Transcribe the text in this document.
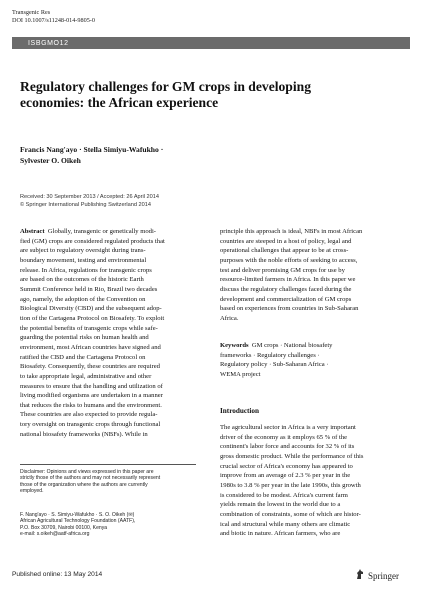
Transgenic Res
DOI 10.1007/s11248-014-9805-0
ISBGMO12
Regulatory challenges for GM crops in developing
economies: the African experience
Francis Nang'ayo · Stella Simiyu-Wafukho ·
Sylvester O. Oikeh
Received: 30 September 2013 / Accepted: 26 April 2014
© Springer International Publishing Switzerland 2014
Abstract Globally, transgenic or genetically modi-
fied (GM) crops are considered regulated products that
are subject to regulatory oversight during trans-
boundary movement, testing and environmental
release. In Africa, regulations for transgenic crops
are based on the outcomes of the historic Earth
Summit Conference held in Rio, Brazil two decades
ago, namely, the adoption of the Convention on
Biological Diversity (CBD) and the subsequent adop-
tion of the Cartagena Protocol on Biosafety. To exploit
the potential benefits of transgenic crops while safe-
guarding the potential risks on human health and
environment, most African countries have signed and
ratified the CBD and the Cartagena Protocol on
Biosafety. Consequently, these countries are required
to take appropriate legal, administrative and other
measures to ensure that the handling and utilization of
living modified organisms are undertaken in a manner
that reduces the risks to humans and the environment.
These countries are also expected to provide regula-
tory oversight on transgenic crops through functional
national biosafety frameworks (NBFs). While in
principle this approach is ideal, NBFs in most African
countries are steeped in a host of policy, legal and
operational challenges that appear to be at cross-
purposes with the noble efforts of seeking to access,
test and deliver promising GM crops for use by
resource-limited farmers in Africa. In this paper we
discuss the regulatory challenges faced during the
development and commercialization of GM crops
based on experiences from countries in Sub-Saharan
Africa.
Keywords GM crops · National biosafety
frameworks · Regulatory challenges ·
Regulatory policy · Sub-Saharan Africa ·
WEMA project
Introduction
The agricultural sector in Africa is a very important
driver of the economy as it employs 65 % of the
continent's labor force and accounts for 32 % of its
gross domestic product. While the performance of this
crucial sector of Africa's economy has appeared to
improve from an average of 2.3 % per year in the
1980s to 3.8 % per year in the late 1990s, this growth
is considered to be modest. Africa's current farm
yields remain the lowest in the world due to a
combination of constraints, some of which are histor-
ical and structural while many others are climatic
and biotic in nature. African farmers, who are
Disclaimer: Opinions and views expressed in this paper are
strictly those of the authors and may not necessarily represent
those of the organization where the authors are currently
employed.
F. Nang'ayo · S. Simiyu-Wafukho · S. O. Oikeh (✉)
African Agricultural Technology Foundation (AATF),
P.O. Box 30709, Nairobi 00100, Kenya
e-mail: s.oikeh@aatf-africa.org
Published online: 13 May 2014	Springer
